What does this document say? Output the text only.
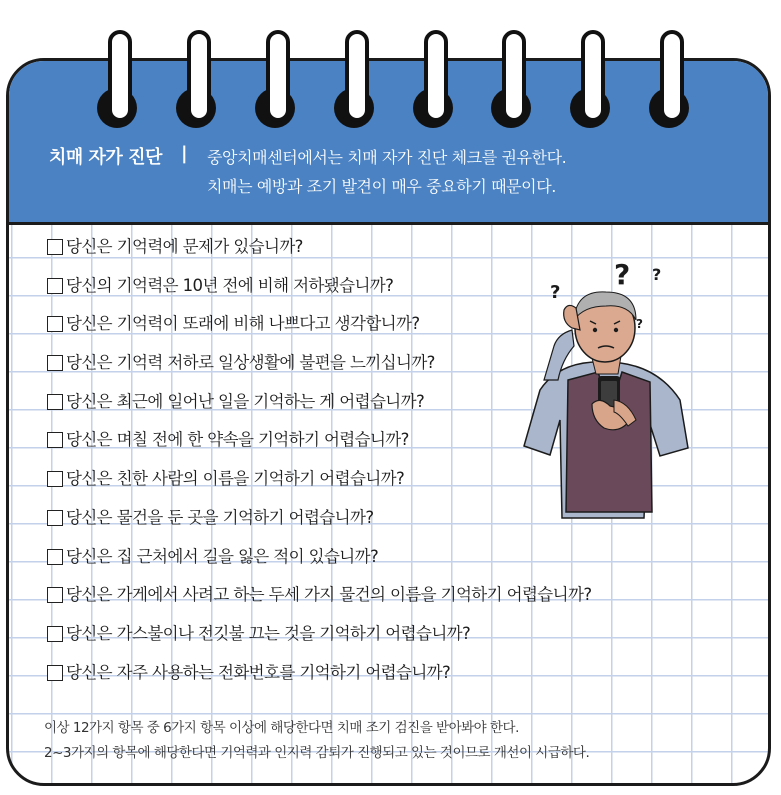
치매 자가 진단 | 중앙치매센터에서는 치매 자가 진단 체크를 권유한다.
치매는 예방과 조기 발견이 매우 중요하기 때문이다.
당신은 기억력에 문제가 있습니까?
당신의 기억력은 10년 전에 비해 저하됐습니까?
당신은 기억력이 또래에 비해 나쁘다고 생각합니까?
당신은 기억력 저하로 일상생활에 불편을 느끼십니까?
당신은 최근에 일어난 일을 기억하는 게 어렵습니까?
당신은 며칠 전에 한 약속을 기억하기 어렵습니까?
당신은 친한 사람의 이름을 기억하기 어렵습니까?
당신은 물건을 둔 곳을 기억하기 어렵습니까?
당신은 집 근처에서 길을 잃은 적이 있습니까?
당신은 가게에서 사려고 하는 두세 가지 물건의 이름을 기억하기 어렵습니까?
당신은 가스불이나 전깃불 끄는 것을 기억하기 어렵습니까?
당신은 자주 사용하는 전화번호를 기억하기 어렵습니까?
이상 12가지 항목 중 6가지 항목 이상에 해당한다면 치매 조기 검진을 받아봐야 한다.
2~3가지의 항목에 해당한다면 기억력과 인지력 감퇴가 진행되고 있는 것이므로 개선이 시급하다.
?
?
?
?
